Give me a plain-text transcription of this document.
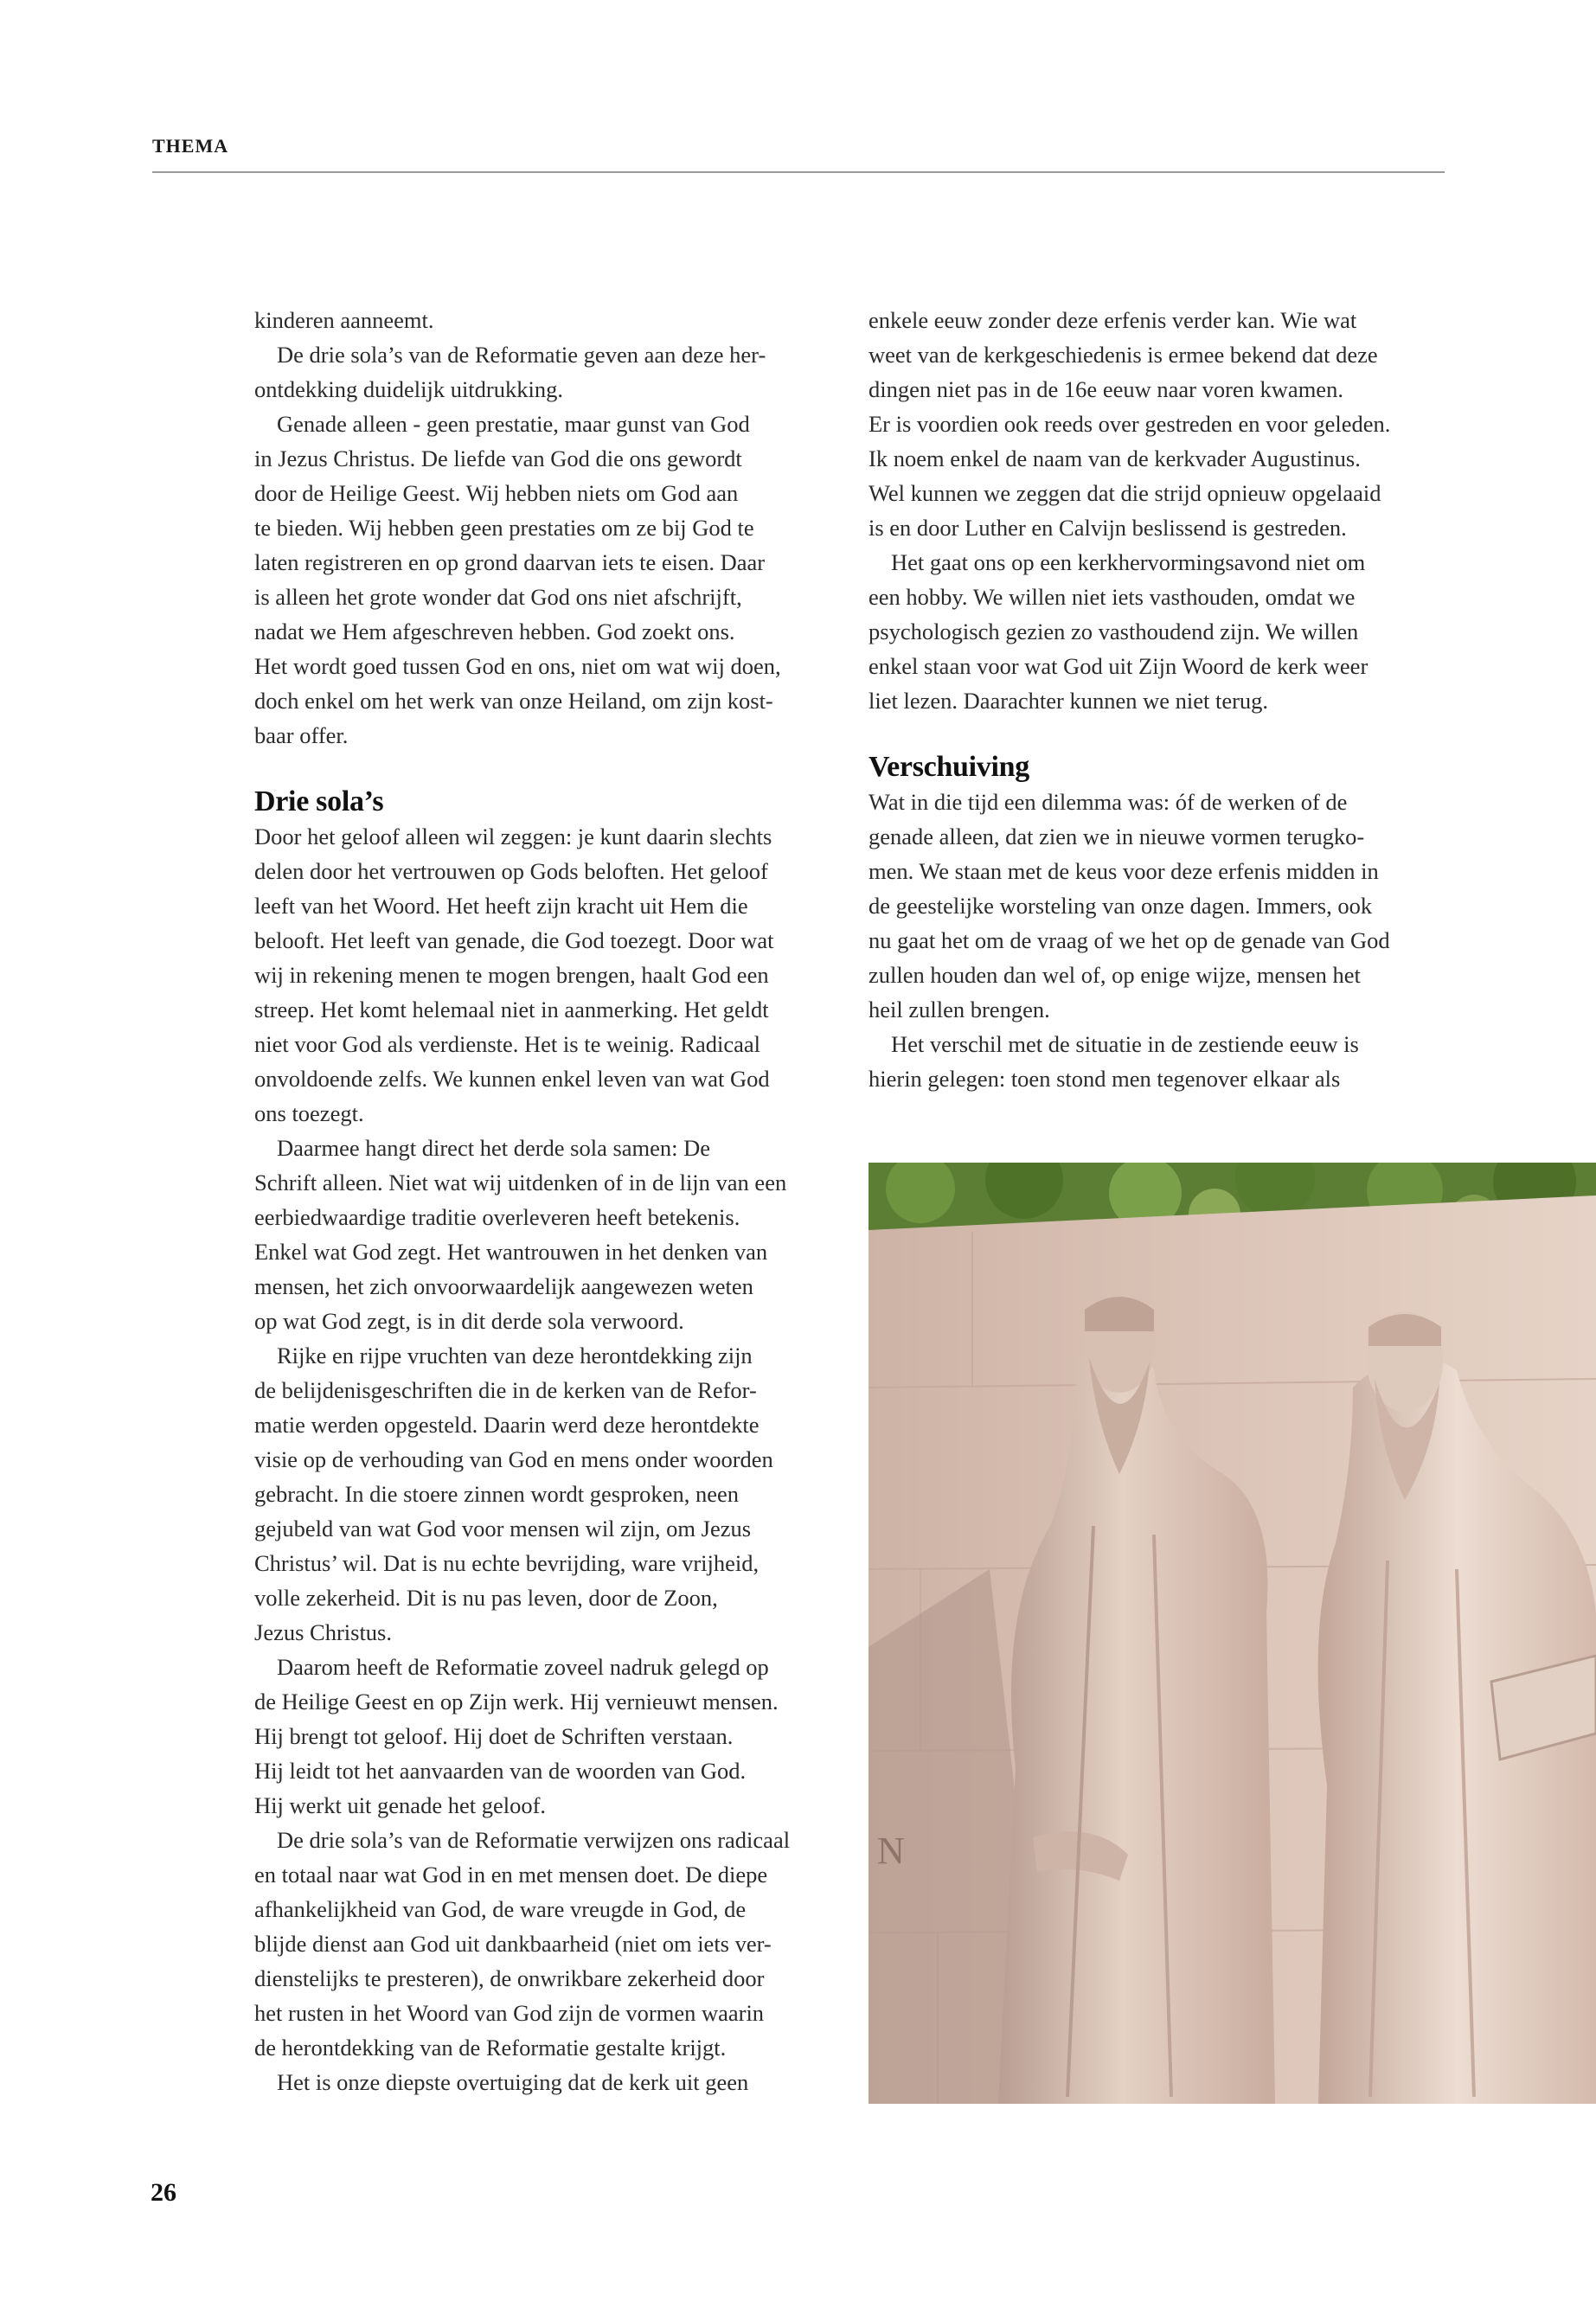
THEMA
kinderen aanneemt.
De drie sola’s van de Reformatie geven aan deze her-
ontdekking duidelijk uitdrukking.
Genade alleen - geen prestatie, maar gunst van God
in Jezus Christus. De liefde van God die ons gewordt
door de Heilige Geest. Wij hebben niets om God aan
te bieden. Wij hebben geen prestaties om ze bij God te
laten registreren en op grond daarvan iets te eisen. Daar
is alleen het grote wonder dat God ons niet afschrijft,
nadat we Hem afgeschreven hebben. God zoekt ons.
Het wordt goed tussen God en ons, niet om wat wij doen,
doch enkel om het werk van onze Heiland, om zijn kost-
baar offer.
Drie sola’s
Door het geloof alleen wil zeggen: je kunt daarin slechts
delen door het vertrouwen op Gods beloften. Het geloof
leeft van het Woord. Het heeft zijn kracht uit Hem die
belooft. Het leeft van genade, die God toezegt. Door wat
wij in rekening menen te mogen brengen, haalt God een
streep. Het komt helemaal niet in aanmerking. Het geldt
niet voor God als verdienste. Het is te weinig. Radicaal
onvoldoende zelfs. We kunnen enkel leven van wat God
ons toezegt.
Daarmee hangt direct het derde sola samen: De
Schrift alleen. Niet wat wij uitdenken of in de lijn van een
eerbiedwaardige traditie overleveren heeft betekenis.
Enkel wat God zegt. Het wantrouwen in het denken van
mensen, het zich onvoorwaardelijk aangewezen weten
op wat God zegt, is in dit derde sola verwoord.
Rijke en rijpe vruchten van deze herontdekking zijn
de belijdenisgeschriften die in de kerken van de Refor-
matie werden opgesteld. Daarin werd deze herontdekte
visie op de verhouding van God en mens onder woorden
gebracht. In die stoere zinnen wordt gesproken, neen
gejubeld van wat God voor mensen wil zijn, om Jezus
Christus’ wil. Dat is nu echte bevrijding, ware vrijheid,
volle zekerheid. Dit is nu pas leven, door de Zoon,
Jezus Christus.
Daarom heeft de Reformatie zoveel nadruk gelegd op
de Heilige Geest en op Zijn werk. Hij vernieuwt mensen.
Hij brengt tot geloof. Hij doet de Schriften verstaan.
Hij leidt tot het aanvaarden van de woorden van God.
Hij werkt uit genade het geloof.
De drie sola’s van de Reformatie verwijzen ons radicaal
en totaal naar wat God in en met mensen doet. De diepe
afhankelijkheid van God, de ware vreugde in God, de
blijde dienst aan God uit dankbaarheid (niet om iets ver-
dienstelijks te presteren), de onwrikbare zekerheid door
het rusten in het Woord van God zijn de vormen waarin
de herontdekking van de Reformatie gestalte krijgt.
Het is onze diepste overtuiging dat de kerk uit geen
enkele eeuw zonder deze erfenis verder kan. Wie wat
weet van de kerkgeschiedenis is ermee bekend dat deze
dingen niet pas in de 16e eeuw naar voren kwamen.
Er is voordien ook reeds over gestreden en voor geleden.
Ik noem enkel de naam van de kerkvader Augustinus.
Wel kunnen we zeggen dat die strijd opnieuw opgelaaid
is en door Luther en Calvijn beslissend is gestreden.
Het gaat ons op een kerkhervormingsavond niet om
een hobby. We willen niet iets vasthouden, omdat we
psychologisch gezien zo vasthoudend zijn. We willen
enkel staan voor wat God uit Zijn Woord de kerk weer
liet lezen. Daarachter kunnen we niet terug.
Verschuiving
Wat in die tijd een dilemma was: óf de werken of de
genade alleen, dat zien we in nieuwe vormen terugko-
men. We staan met de keus voor deze erfenis midden in
de geestelijke worsteling van onze dagen. Immers, ook
nu gaat het om de vraag of we het op de genade van God
zullen houden dan wel of, op enige wijze, mensen het
heil zullen brengen.
Het verschil met de situatie in de zestiende eeuw is
hierin gelegen: toen stond men tegenover elkaar als
N
26
